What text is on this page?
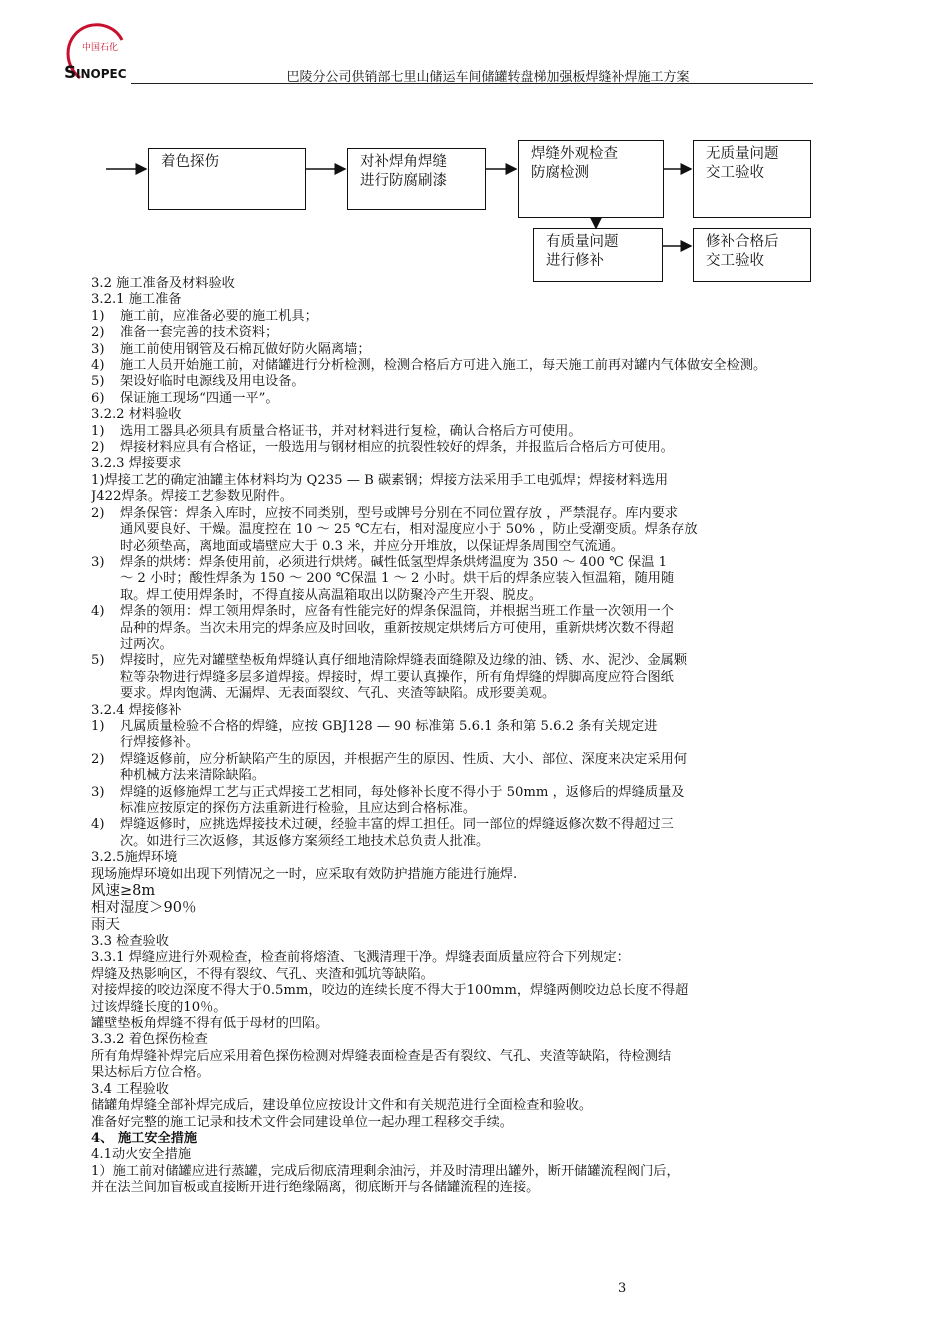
中国石化
S INOPEC	巴陵分公司供销部七里山储运车间储罐转盘梯加强板焊缝补焊施工方案
着色探伤	对补焊角焊缝
进行防腐刷漆
焊缝外观检查
防腐检测
无质量问题
交工验收
有质量问题
进行修补
修补合格后
交工验收
3.2 施工准备及材料验收
3.2.1 施工准备
1)	施工前，应准备必要的施工机具；
2)	准备一套完善的技术资料；
3)	施工前使用钢管及石棉瓦做好防火隔离墙；
4)	施工人员开始施工前，对储罐进行分析检测，检测合格后方可进入施工，每天施工前再对罐内气体做安全检测。
5)	架设好临时电源线及用电设备。
6)	保证施工现场“四通一平”。
3.2.2 材料验收
1)	选用工器具必须具有质量合格证书，并对材料进行复检，确认合格后方可使用。
2)	焊接材料应具有合格证，一般选用与钢材相应的抗裂性较好的焊条，并报监后合格后方可使用。
3.2.3 焊接要求
1)焊接工艺的确定油罐主体材料均为 Q235 — B 碳素钢；焊接方法采用手工电弧焊；焊接材料选用
J422焊条。焊接工艺参数见附件。
2)	焊条保管：焊条入库时，应按不同类别，型号或牌号分别在不同位置存放 ，严禁混存。库内要求
通风要良好、干燥。温度控在 10 ～ 25 ℃左右，相对湿度应小于 50% ，防止受潮变质。焊条存放
时必须垫高，离地面或墙壁应大于 0.3 米，并应分开堆放，以保证焊条周围空气流通。
3)	焊条的烘烤：焊条使用前，必须进行烘烤。碱性低氢型焊条烘烤温度为 350 ～ 400 ℃ 保温 1
～ 2 小时；酸性焊条为 150 ～ 200 ℃保温 1 ～ 2 小时。烘干后的焊条应装入恒温箱，随用随
取。焊工使用焊条时，不得直接从高温箱取出以防聚冷产生开裂、脱皮。
4)	焊条的领用：焊工领用焊条时，应备有性能完好的焊条保温筒，并根据当班工作量一次领用一个
品种的焊条。当次未用完的焊条应及时回收，重新按规定烘烤后方可使用，重新烘烤次数不得超
过两次。
5)	焊接时，应先对罐壁垫板角焊缝认真仔细地清除焊缝表面缝隙及边缘的油、锈、水、泥沙、金属颗
粒等杂物进行焊缝多层多道焊接。焊接时，焊工要认真操作，所有角焊缝的焊脚高度应符合图纸
要求。焊肉饱满、无漏焊、无表面裂纹、气孔、夹渣等缺陷。成形要美观。
3.2.4 焊接修补
1)	凡属质量检验不合格的焊缝，应按 GBJ128 — 90 标准第 5.6.1 条和第 5.6.2 条有关规定进
行焊接修补。
2)	焊缝返修前，应分析缺陷产生的原因，并根据产生的原因、性质、大小、部位、深度来决定采用何
种机械方法来清除缺陷。
3)	焊缝的返修施焊工艺与正式焊接工艺相同，每处修补长度不得小于 50mm ，返修后的焊缝质量及
标准应按原定的探伤方法重新进行检验，且应达到合格标准。
4)	焊缝返修时，应挑选焊接技术过硬，经验丰富的焊工担任。同一部位的焊缝返修次数不得超过三
次。如进行三次返修，其返修方案须经工地技术总负责人批准。
3.2.5施焊环境
现场施焊环境如出现下列情况之一时，应采取有效防护措施方能进行施焊.
风速≥8m
相对湿度＞90％
雨天
3.3 检查验收
3.3.1 焊缝应进行外观检查，检查前将熔渣、飞溅清理干净。焊缝表面质量应符合下列规定：
焊缝及热影响区，不得有裂纹、气孔、夹渣和弧坑等缺陷。
对接焊接的咬边深度不得大于0.5mm，咬边的连续长度不得大于100mm，焊缝两侧咬边总长度不得超
过该焊缝长度的10％。
罐壁垫板角焊缝不得有低于母材的凹陷。
3.3.2 着色探伤检查
所有角焊缝补焊完后应采用着色探伤检测对焊缝表面检查是否有裂纹、气孔、夹渣等缺陷，待检测结
果达标后方位合格。
3.4 工程验收
储罐角焊缝全部补焊完成后，建设单位应按设计文件和有关规范进行全面检查和验收。
准备好完整的施工记录和技术文件会同建设单位一起办理工程移交手续。
4、 施工安全措施
4.1动火安全措施
1）施工前对储罐应进行蒸罐，完成后彻底清理剩余油污，并及时清理出罐外，断开储罐流程阀门后，
并在法兰间加盲板或直接断开进行绝缘隔离，彻底断开与各储罐流程的连接。
3
